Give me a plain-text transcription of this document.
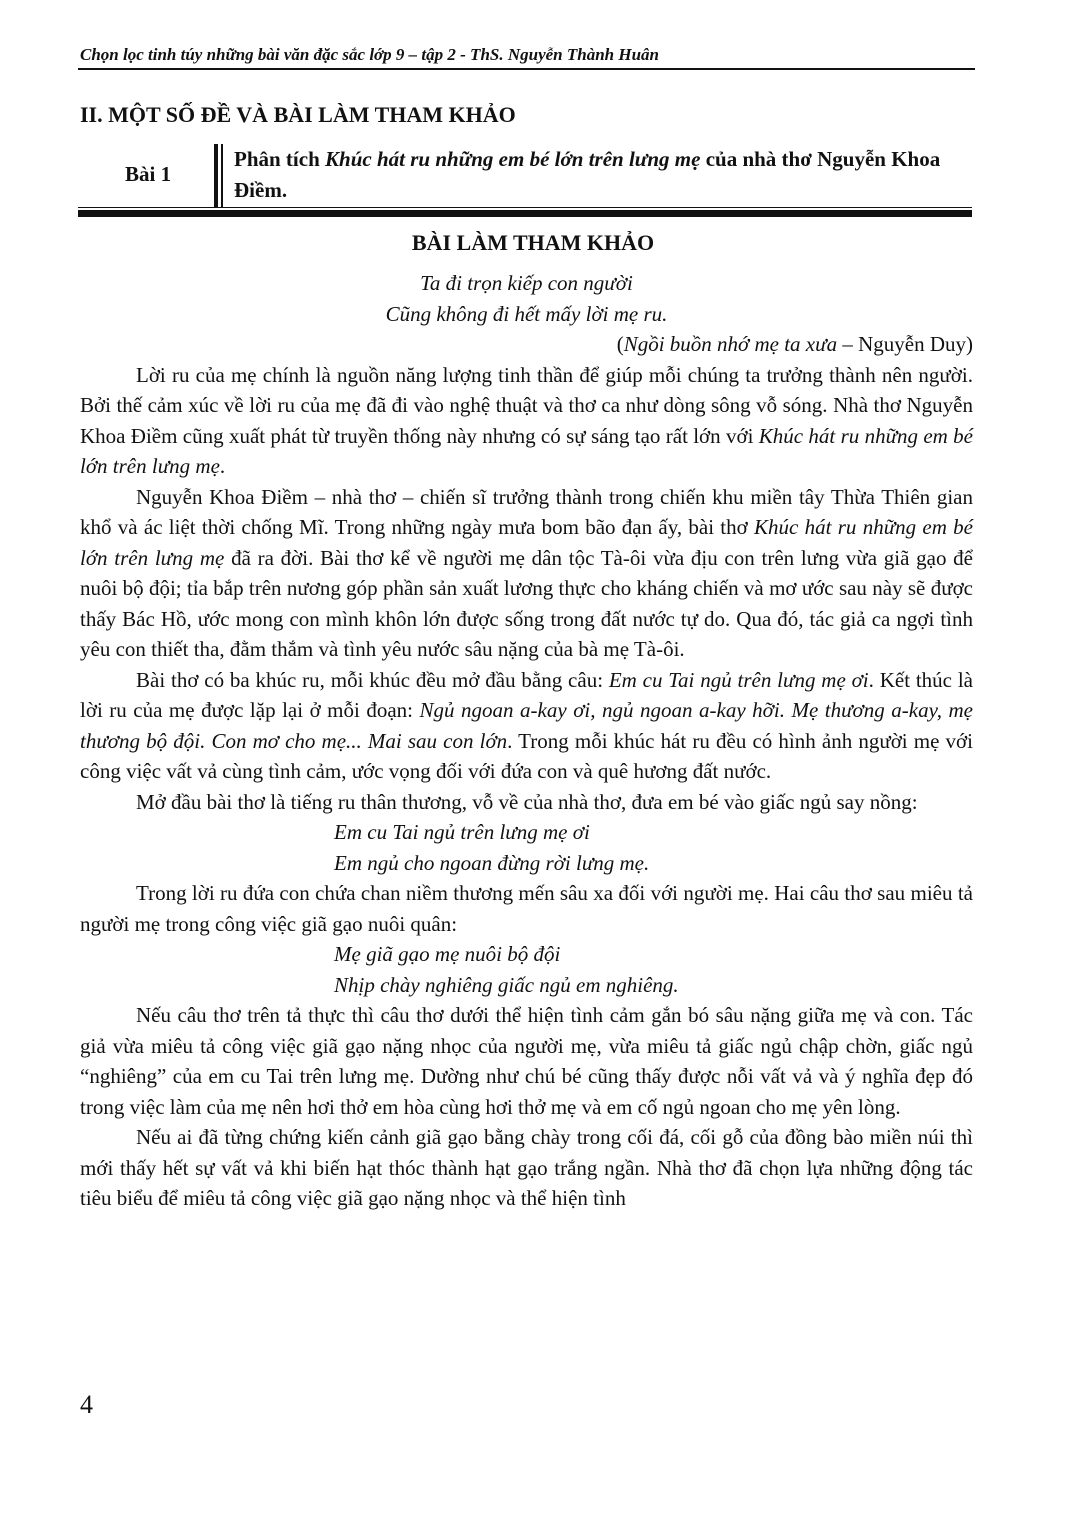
Chọn lọc tinh túy những bài văn đặc sắc lớp 9 – tập 2 - ThS. Nguyễn Thành Huân
II. MỘT SỐ ĐỀ VÀ BÀI LÀM THAM KHẢO
Bài 1
Phân tích Khúc hát ru những em bé lớn trên lưng mẹ của nhà thơ Nguyễn Khoa Điềm.
BÀI LÀM THAM KHẢO

Ta đi trọn kiếp con người

Cũng không đi hết mấy lời mẹ ru.

(Ngồi buồn nhớ mẹ ta xưa – Nguyễn Duy)

Lời ru của mẹ chính là nguồn năng lượng tinh thần để giúp mỗi chúng ta trưởng thành nên người. Bởi thế cảm xúc về lời ru của mẹ đã đi vào nghệ thuật và thơ ca như dòng sông vỗ sóng. Nhà thơ Nguyễn Khoa Điềm cũng xuất phát từ truyền thống này nhưng có sự sáng tạo rất lớn với Khúc hát ru những em bé lớn trên lưng mẹ.

Nguyễn Khoa Điềm – nhà thơ – chiến sĩ trưởng thành trong chiến khu miền tây Thừa Thiên gian khổ và ác liệt thời chống Mĩ. Trong những ngày mưa bom bão đạn ấy, bài thơ Khúc hát ru những em bé lớn trên lưng mẹ đã ra đời. Bài thơ kể về người mẹ dân tộc Tà-ôi vừa địu con trên lưng vừa giã gạo để nuôi bộ đội; tỉa bắp trên nương góp phần sản xuất lương thực cho kháng chiến và mơ ước sau này sẽ được thấy Bác Hồ, ước mong con mình khôn lớn được sống trong đất nước tự do. Qua đó, tác giả ca ngợi tình yêu con thiết tha, đằm thắm và tình yêu nước sâu nặng của bà mẹ Tà-ôi.

Bài thơ có ba khúc ru, mỗi khúc đều mở đầu bằng câu: Em cu Tai ngủ trên lưng mẹ ơi. Kết thúc là lời ru của mẹ được lặp lại ở mỗi đoạn: Ngủ ngoan a-kay ơi, ngủ ngoan a-kay hỡi. Mẹ thương a-kay, mẹ thương bộ đội. Con mơ cho mẹ... Mai sau con lớn. Trong mỗi khúc hát ru đều có hình ảnh người mẹ với công việc vất vả cùng tình cảm, ước vọng đối với đứa con và quê hương đất nước.

Mở đầu bài thơ là tiếng ru thân thương, vỗ về của nhà thơ, đưa em bé vào giấc ngủ say nồng:

Em cu Tai ngủ trên lưng mẹ ơi

Em ngủ cho ngoan đừng rời lưng mẹ.

Trong lời ru đứa con chứa chan niềm thương mến sâu xa đối với người mẹ. Hai câu thơ sau miêu tả người mẹ trong công việc giã gạo nuôi quân:

Mẹ giã gạo mẹ nuôi bộ đội

Nhịp chày nghiêng giấc ngủ em nghiêng.

Nếu câu thơ trên tả thực thì câu thơ dưới thể hiện tình cảm gắn bó sâu nặng giữa mẹ và con. Tác giả vừa miêu tả công việc giã gạo nặng nhọc của người mẹ, vừa miêu tả giấc ngủ chập chờn, giấc ngủ “nghiêng” của em cu Tai trên lưng mẹ. Dường như chú bé cũng thấy được nỗi vất vả và ý nghĩa đẹp đó trong việc làm của mẹ nên hơi thở em hòa cùng hơi thở mẹ và em cố ngủ ngoan cho mẹ yên lòng.

Nếu ai đã từng chứng kiến cảnh giã gạo bằng chày trong cối đá, cối gỗ của đồng bào miền núi thì mới thấy hết sự vất vả khi biến hạt thóc thành hạt gạo trắng ngần. Nhà thơ đã chọn lựa những động tác tiêu biểu để miêu tả công việc giã gạo nặng nhọc và thể hiện tình

4
